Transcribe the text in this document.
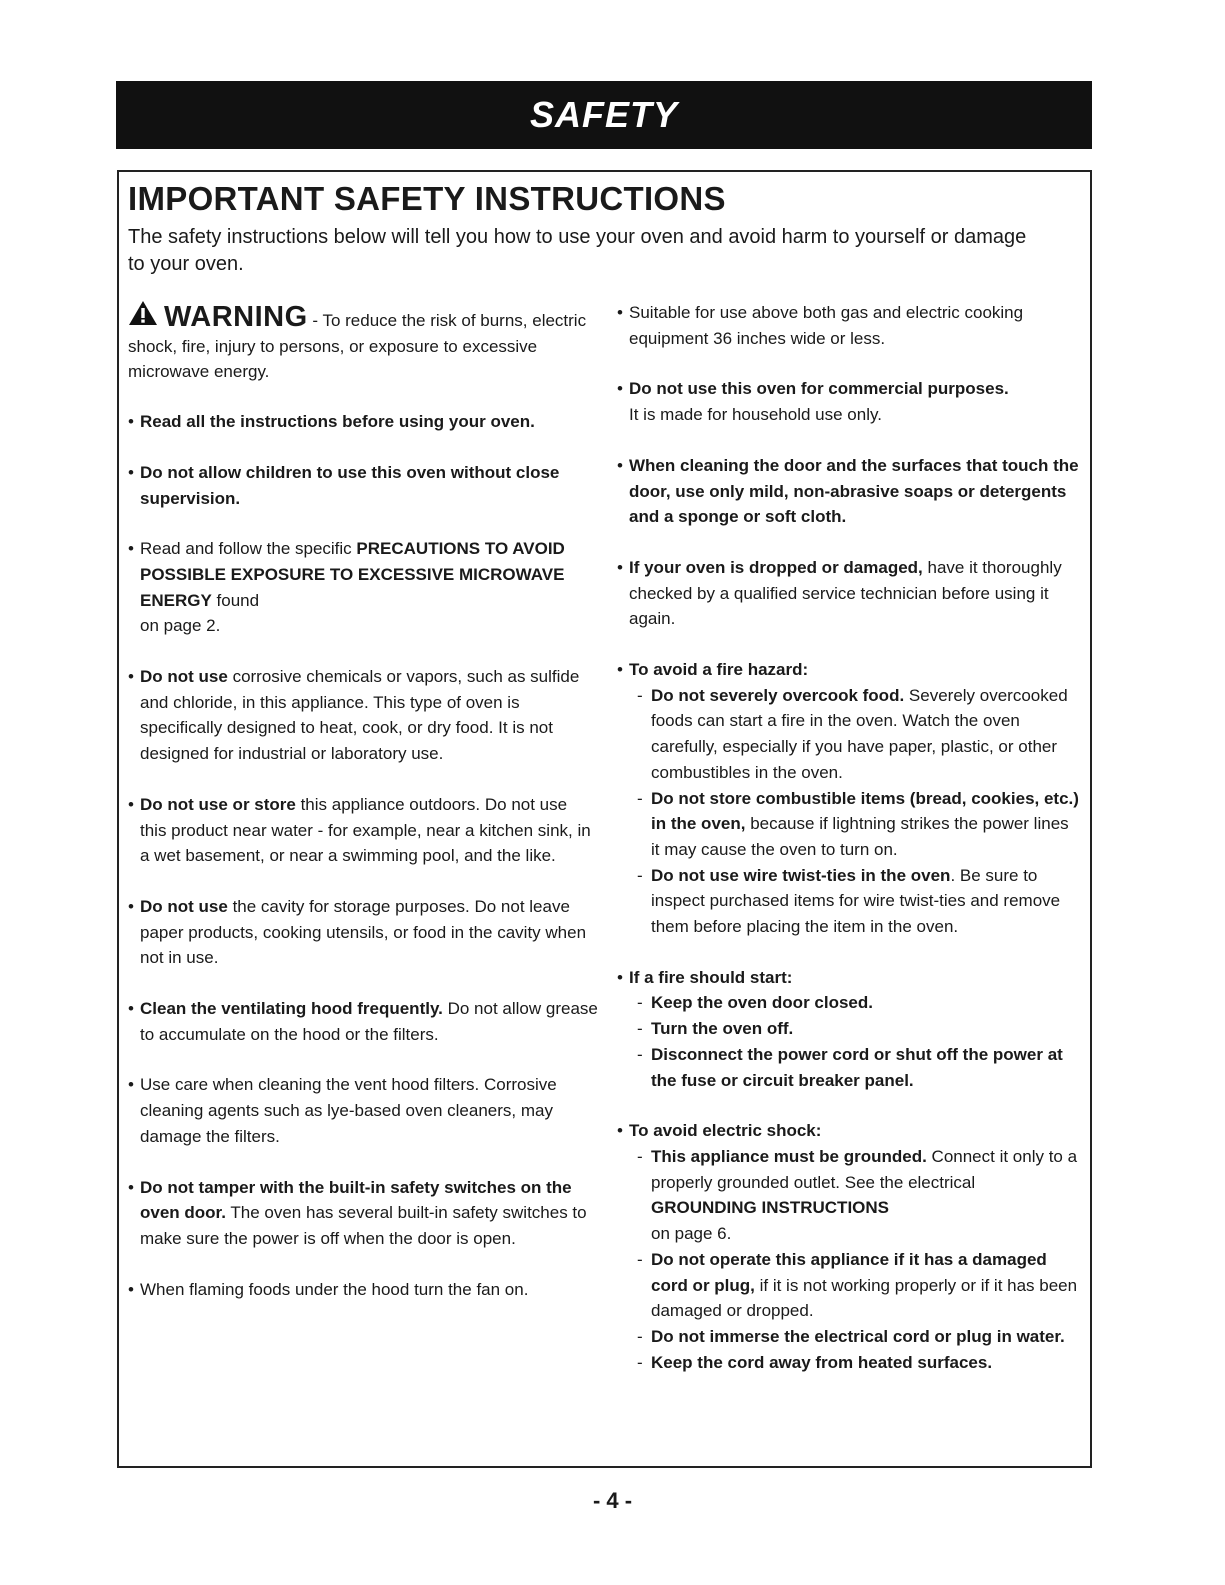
SAFETY
IMPORTANT SAFETY INSTRUCTIONS

The safety instructions below will tell you how to use your oven and avoid harm to yourself or damage to your oven.

WARNING - To reduce the risk of burns, electric shock, fire, injury to persons, or exposure to excessive microwave energy.
• Read all the instructions before using your oven.
• Do not allow children to use this oven without close supervision.
• Read and follow the specific PRECAUTIONS TO AVOID POSSIBLE EXPOSURE TO EXCESSIVE MICROWAVE ENERGY found
on page 2.
• Do not use corrosive chemicals or vapors, such as sulfide and chloride, in this appliance. This type of oven is specifically designed to heat, cook, or dry food. It is not designed for industrial or laboratory use.
• Do not use or store this appliance outdoors. Do not use this product near water - for example, near a kitchen sink, in a wet basement, or near a swimming pool, and the like.
• Do not use the cavity for storage purposes. Do not leave paper products, cooking utensils, or food in the cavity when not in use.
• Clean the ventilating hood frequently. Do not allow grease to accumulate on the hood or the filters.
• Use care when cleaning the vent hood filters. Corrosive cleaning agents such as lye-based oven cleaners, may damage the filters.
• Do not tamper with the built-in safety switches on the oven door. The oven has several built-in safety switches to make sure the power is off when the door is open.
• When flaming foods under the hood turn the fan on.
• Suitable for use above both gas and electric cooking equipment 36 inches wide or less.
• Do not use this oven for commercial purposes.
It is made for household use only.
• When cleaning the door and the surfaces that touch the door, use only mild, non-abrasive soaps or detergents and a sponge or soft cloth.
• If your oven is dropped or damaged, have it thoroughly checked by a qualified service technician before using it again.
• To avoid a fire hazard:
- Do not severely overcook food. Severely overcooked foods can start a fire in the oven. Watch the oven carefully, especially if you have paper, plastic, or other combustibles in the oven.
- Do not store combustible items (bread, cookies, etc.) in the oven, because if lightning strikes the power lines it may cause the oven to turn on.
- Do not use wire twist-ties in the oven. Be sure to inspect purchased items for wire twist-ties and remove them before placing the item in the oven.
• If a fire should start:
- Keep the oven door closed.
- Turn the oven off.
- Disconnect the power cord or shut off the power at the fuse or circuit breaker panel.
• To avoid electric shock:
- This appliance must be grounded. Connect it only to a properly grounded outlet. See the electrical GROUNDING INSTRUCTIONS
on page 6.
- Do not operate this appliance if it has a damaged cord or plug, if it is not working properly or if it has been damaged or dropped.
- Do not immerse the electrical cord or plug in water.
- Keep the cord away from heated surfaces.
- 4 -
